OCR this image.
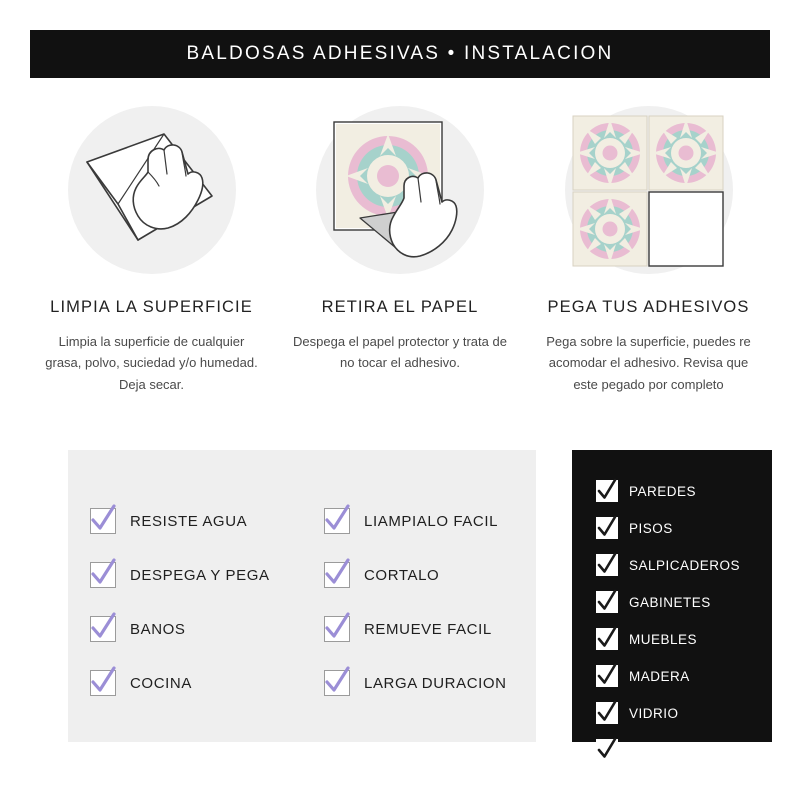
BALDOSAS ADHESIVAS • INSTALACION
LIMPIA LA SUPERFICIE
Limpia la superficie de cualquier grasa, polvo, suciedad y/o humedad. Deja secar.
RETIRA EL PAPEL
Despega el papel protector y trata de no tocar el adhesivo.
PEGA TUS ADHESIVOS
Pega sobre la superficie, puedes re acomodar el adhesivo. Revisa que este pegado por completo
RESISTE AGUA
DESPEGA Y PEGA
BANOS
COCINA
LIAMPIALO FACIL
CORTALO
REMUEVE FACIL
LARGA DURACION
PAREDES
PISOS
SALPICADEROS
GABINETES
MUEBLES
MADERA
VIDRIO
METAL
